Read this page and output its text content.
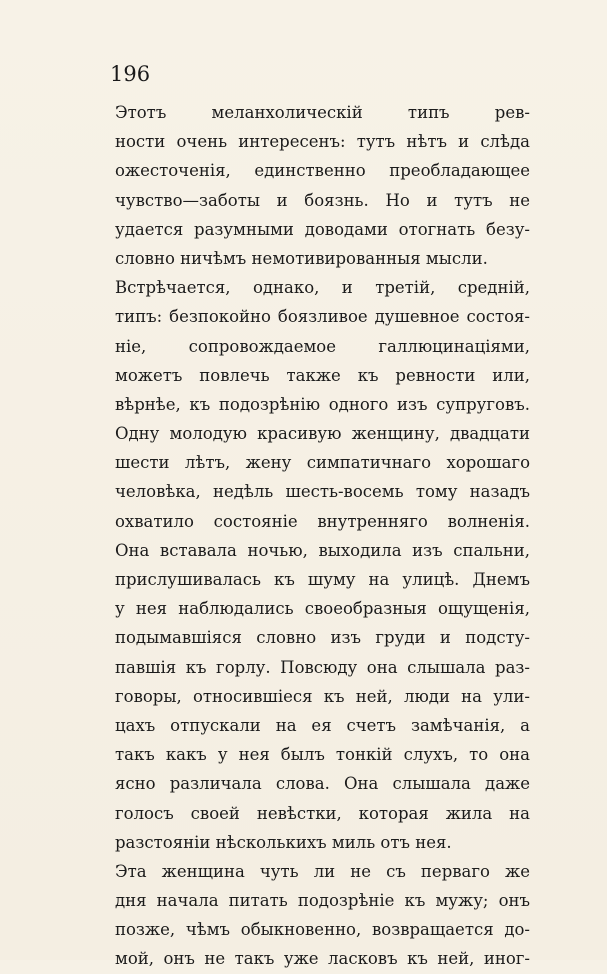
196
Этотъ меланхолическій типъ рев-
ности очень интересенъ: тутъ нѣтъ и слѣда
ожесточенія, единственно преобладающее
чувство—заботы и боязнь. Но и тутъ не
удается разумными доводами отогнать безу-
словно ничѣмъ немотивированныя мысли.
Встрѣчается, однако, и третій, средній,
типъ: безпокойно боязливое душевное состоя-
ніе, сопровождаемое галлюцинаціями,
можетъ повлечь также къ ревности или,
вѣрнѣе, къ подозрѣнію одного изъ супруговъ.
Одну молодую красивую женщину, двадцати
шести лѣтъ, жену симпатичнаго хорошаго
человѣка, недѣль шесть-восемь тому назадъ
охватило состояніе внутренняго волненія.
Она вставала ночью, выходила изъ спальни,
прислушивалась къ шуму на улицѣ. Днемъ
у нея наблюдались своеобразныя ощущенія,
подымавшіяся словно изъ груди и подсту-
павшія къ горлу. Повсюду она слышала раз-
говоры, относившіеся къ ней, люди на ули-
цахъ отпускали на ея счетъ замѣчанія, а
такъ какъ у нея былъ тонкій слухъ, то она
ясно различала слова. Она слышала даже
голосъ своей невѣстки, которая жила на
разстояніи нѣсколькихъ миль отъ нея.
Эта женщина чуть ли не съ перваго же
дня начала питать подозрѣніе къ мужу; онъ
позже, чѣмъ обыкновенно, возвращается до-
мой, онъ не такъ уже ласковъ къ ней, иног-
